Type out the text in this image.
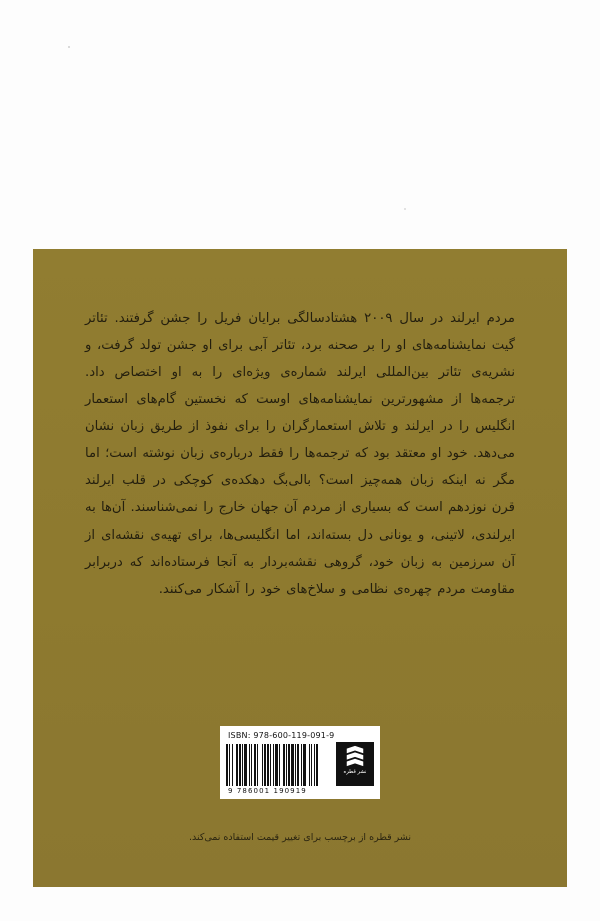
مردم ایرلند در سال ۲۰۰۹ هشتادسالگی برایان فریل را جشن گرفتند. تئاتر گیت نمایشنامه‌های او را بر صحنه برد، تئاتر آبی برای او جشن تولد گرفت، و نشریه‌ی تئاتر بین‌المللی ایرلند شماره‌ی ویژه‌ای را به او اختصاص داد. ترجمه‌ها از مشهورترین نمایشنامه‌های اوست که نخستین گام‌های استعمار انگلیس را در ایرلند و تلاش استعمارگران را برای نفوذ از طریق زبان نشان می‌دهد. خود او معتقد بود که ترجمه‌ها را فقط درباره‌ی زبان نوشته است؛ اما مگر نه اینکه زبان همه‌چیز است؟ بالی‌بگ دهکده‌ی کوچکی در قلب ایرلند قرن نوزدهم است که بسیاری از مردم آن جهان خارج را نمی‌شناسند. آن‌ها به ایرلندی، لاتینی، و یونانی دل بسته‌اند، اما انگلیسی‌ها، برای تهیه‌ی نقشه‌ای از آن سرزمین به زبان خود، گروهی نقشه‌بردار به آنجا فرستاده‌اند که دربرابر مقاومت مردم چهره‌ی نظامی و سلاخ‌های خود را آشکار می‌کنند.

ISBN: 978-600-119-091-9
نشر قطره
9 786001 190919
نشر قطره از برچسب برای تغییر قیمت استفاده نمی‌کند.
